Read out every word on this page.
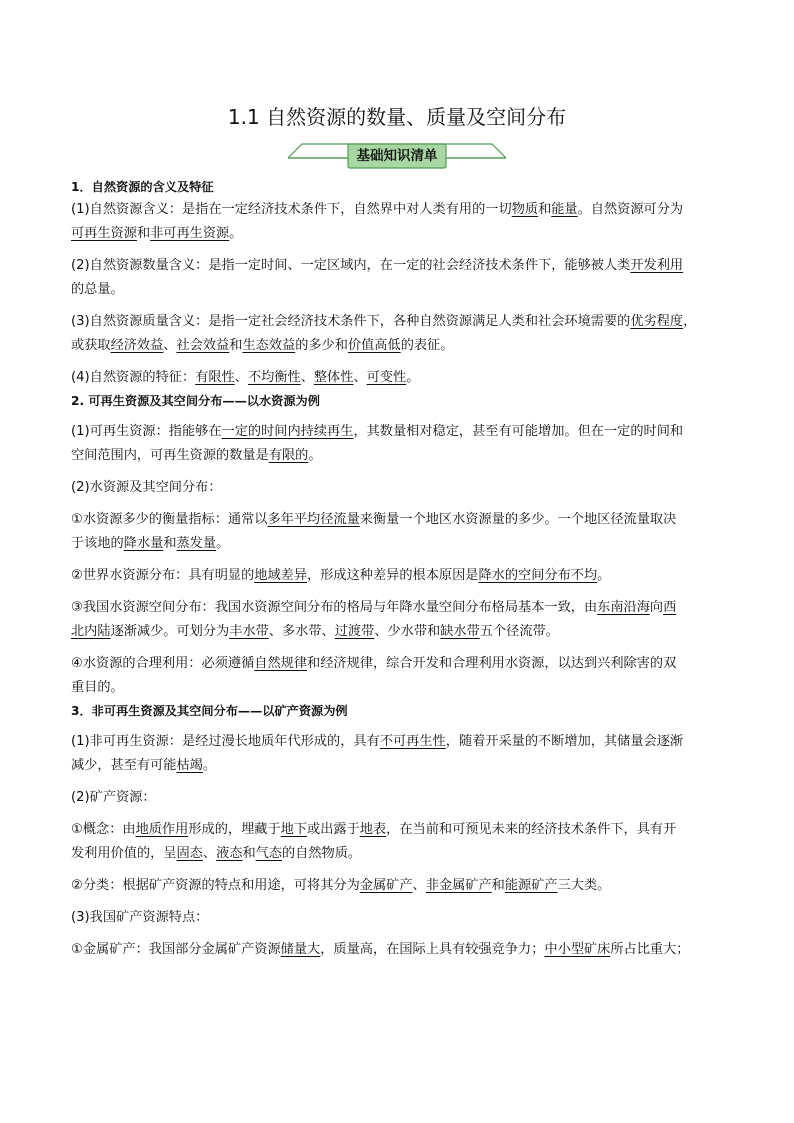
1.1 自然资源的数量、质量及空间分布
基础知识清单
1．自然资源的含义及特征
(1)自然资源含义：是指在一定经济技术条件下，自然界中对人类有用的一切物质和能量。自然资源可分为
可再生资源和非可再生资源。
(2)自然资源数量含义：是指一定时间、一定区域内，在一定的社会经济技术条件下，能够被人类开发利用
的总量。
(3)自然资源质量含义：是指一定社会经济技术条件下，各种自然资源满足人类和社会环境需要的优劣程度，
或获取经济效益、社会效益和生态效益的多少和价值高低的表征。
(4)自然资源的特征：有限性、不均衡性、整体性、可变性。
2. 可再生资源及其空间分布——以水资源为例
(1)可再生资源：指能够在一定的时间内持续再生，其数量相对稳定，甚至有可能增加。但在一定的时间和
空间范围内，可再生资源的数量是有限的。
(2)水资源及其空间分布：
①水资源多少的衡量指标：通常以多年平均径流量来衡量一个地区水资源量的多少。一个地区径流量取决
于该地的降水量和蒸发量。
②世界水资源分布：具有明显的地域差异，形成这种差异的根本原因是降水的空间分布不均。
③我国水资源空间分布：我国水资源空间分布的格局与年降水量空间分布格局基本一致，由东南沿海向西
北内陆逐渐减少。可划分为丰水带、多水带、过渡带、少水带和缺水带五个径流带。
④水资源的合理利用：必须遵循自然规律和经济规律，综合开发和合理利用水资源，以达到兴利除害的双
重目的。
3．非可再生资源及其空间分布——以矿产资源为例
(1)非可再生资源：是经过漫长地质年代形成的，具有不可再生性，随着开采量的不断增加，其储量会逐渐
减少，甚至有可能枯竭。
(2)矿产资源：
①概念：由地质作用形成的，埋藏于地下或出露于地表，在当前和可预见未来的经济技术条件下，具有开
发利用价值的，呈固态、液态和气态的自然物质。
②分类：根据矿产资源的特点和用途，可将其分为金属矿产、非金属矿产和能源矿产三大类。
(3)我国矿产资源特点：
①金属矿产：我国部分金属矿产资源储量大，质量高，在国际上具有较强竞争力；中小型矿床所占比重大；
